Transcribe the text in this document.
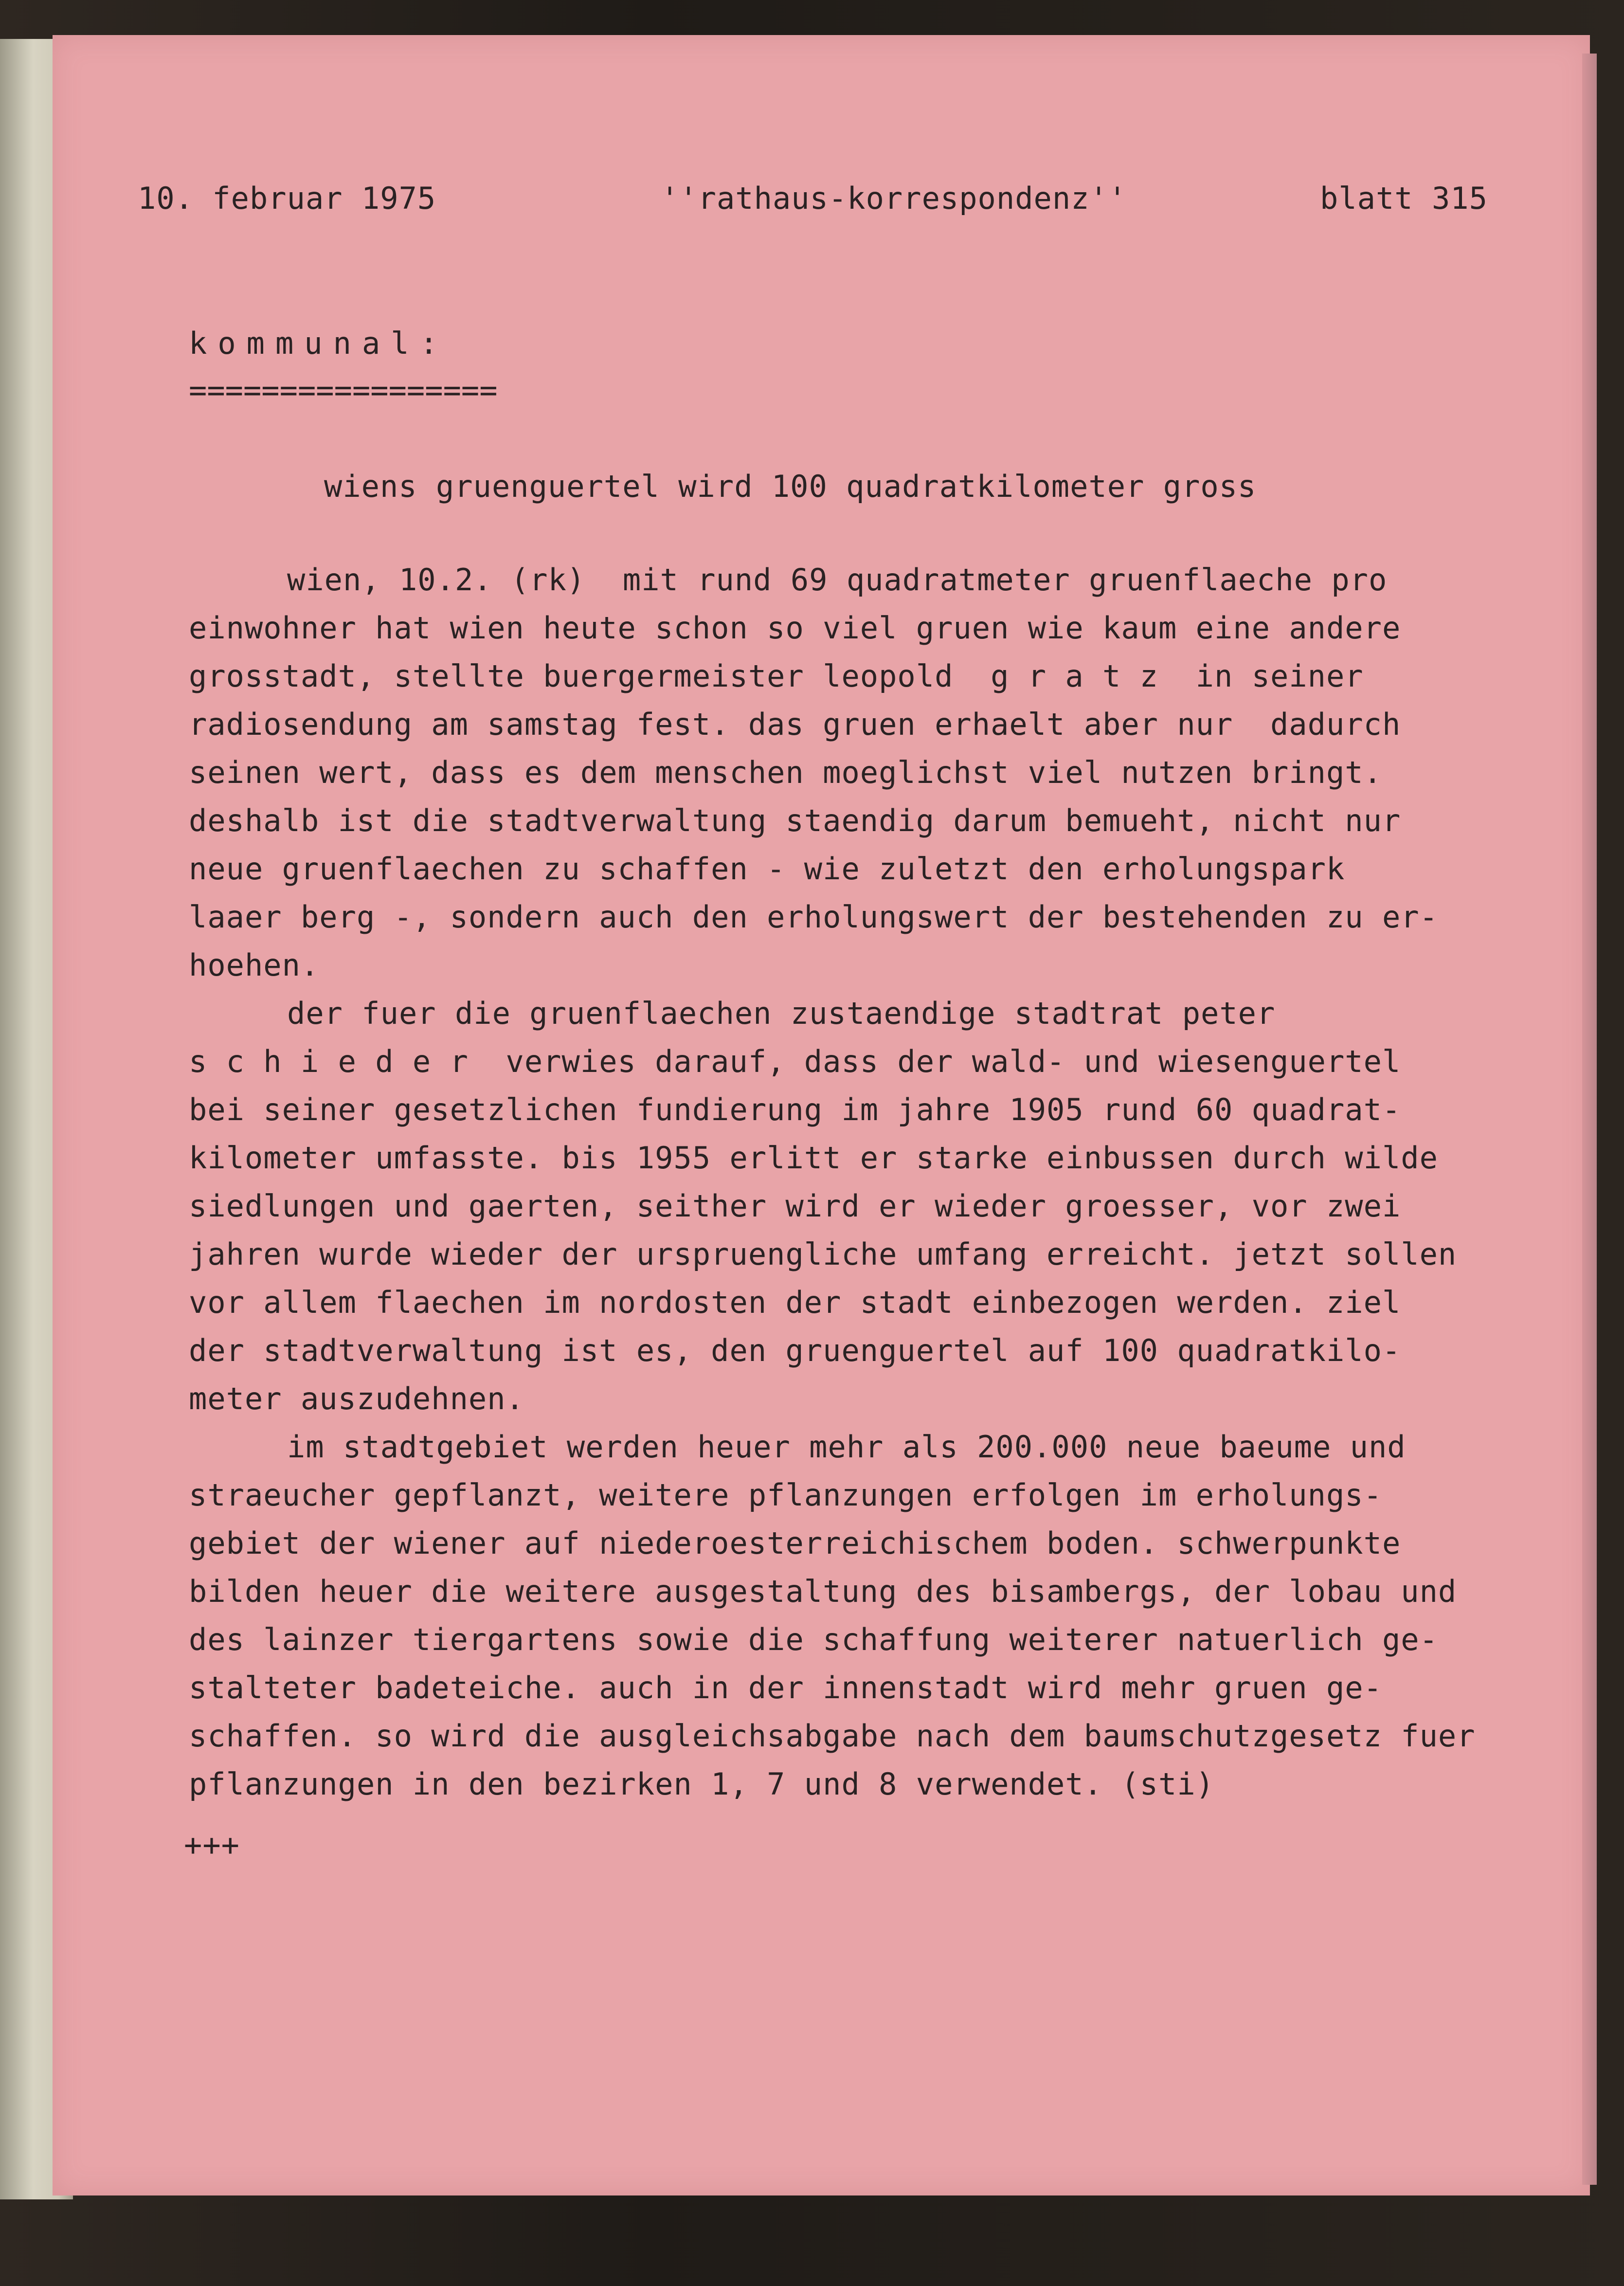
10. februar 1975	''rathaus-korrespondenz''	blatt 315
kommunal:
=================
wiens gruenguertel wird 100 quadratkilometer gross
wien, 10.2. (rk)  mit rund 69 quadratmeter gruenflaeche pro
einwohner hat wien heute schon so viel gruen wie kaum eine andere
grosstadt, stellte buergermeister leopold  g r a t z  in seiner
radiosendung am samstag fest. das gruen erhaelt aber nur  dadurch
seinen wert, dass es dem menschen moeglichst viel nutzen bringt.
deshalb ist die stadtverwaltung staendig darum bemueht, nicht nur
neue gruenflaechen zu schaffen - wie zuletzt den erholungspark
laaer berg -, sondern auch den erholungswert der bestehenden zu er-
hoehen.
der fuer die gruenflaechen zustaendige stadtrat peter
s c h i e d e r  verwies darauf, dass der wald- und wiesenguertel
bei seiner gesetzlichen fundierung im jahre 1905 rund 60 quadrat-
kilometer umfasste. bis 1955 erlitt er starke einbussen durch wilde
siedlungen und gaerten, seither wird er wieder groesser, vor zwei
jahren wurde wieder der urspruengliche umfang erreicht. jetzt sollen
vor allem flaechen im nordosten der stadt einbezogen werden. ziel
der stadtverwaltung ist es, den gruenguertel auf 100 quadratkilo-
meter auszudehnen.
im stadtgebiet werden heuer mehr als 200.000 neue baeume und
straeucher gepflanzt, weitere pflanzungen erfolgen im erholungs-
gebiet der wiener auf niederoesterreichischem boden. schwerpunkte
bilden heuer die weitere ausgestaltung des bisambergs, der lobau und
des lainzer tiergartens sowie die schaffung weiterer natuerlich ge-
stalteter badeteiche. auch in der innenstadt wird mehr gruen ge-
schaffen. so wird die ausgleichsabgabe nach dem baumschutzgesetz fuer
pflanzungen in den bezirken 1, 7 und 8 verwendet. (sti)
+++
